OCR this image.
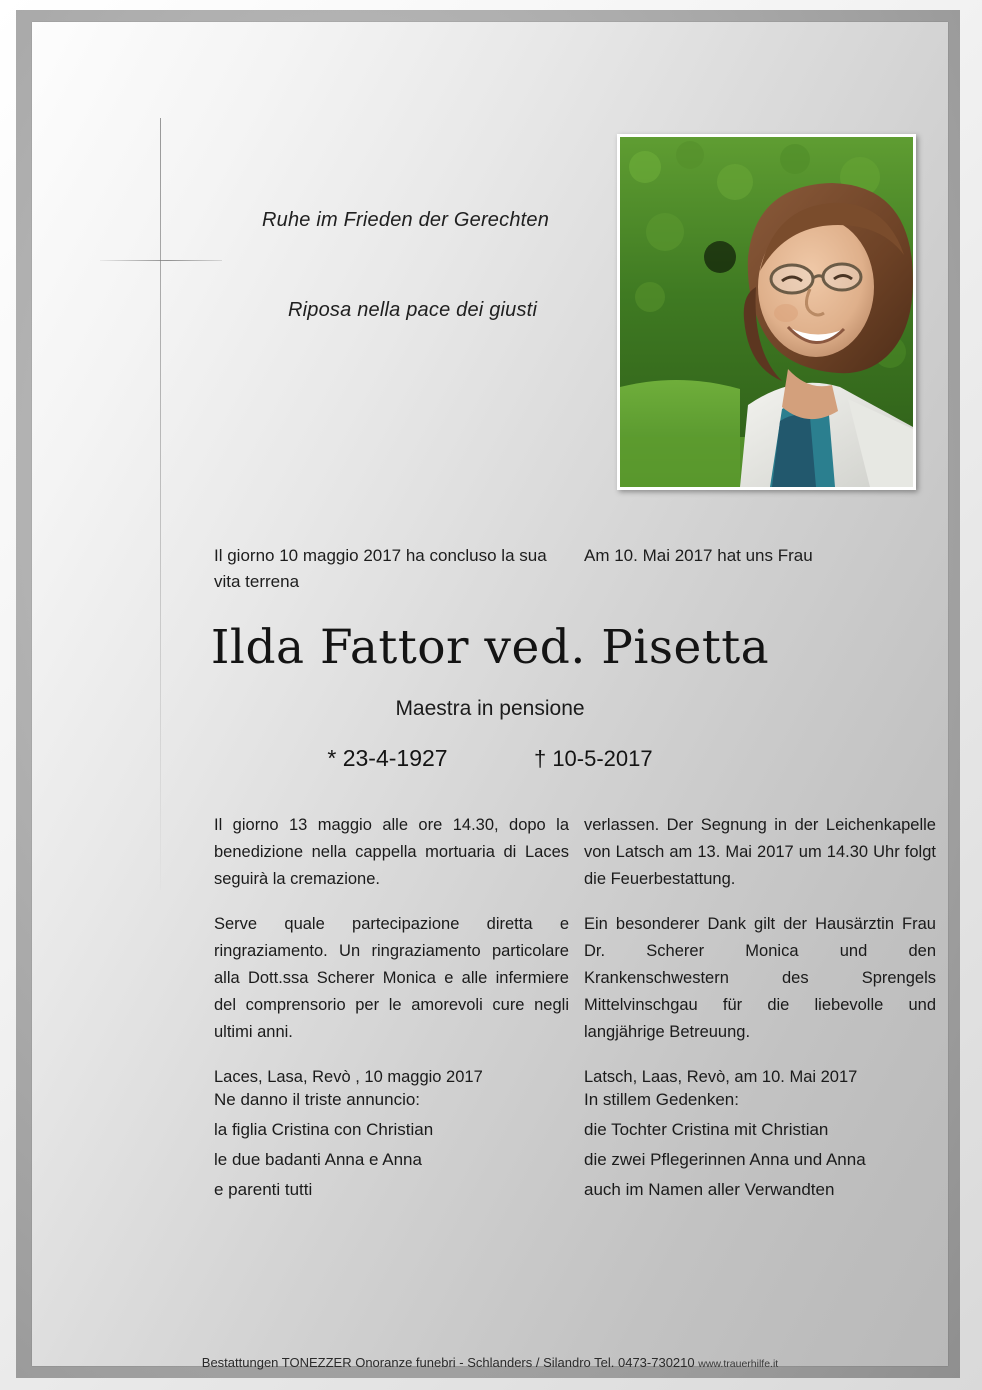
Ruhe im Frieden der Gerechten
Riposa nella pace dei giusti
Il giorno 10 maggio 2017 ha concluso la sua vita terrena
Am 10. Mai 2017 hat uns Frau
Ilda Fattor ved. Pisetta
Maestra in pensione
* 23-4-1927	† 10-5-2017

Il giorno 13 maggio alle ore 14.30, dopo la benedizione nella cappella mortuaria di Laces seguirà la cremazione.

Serve quale partecipazione diretta e ringraziamento. Un ringraziamento particolare alla Dott.ssa Scherer Monica e alle infermiere del comprensorio per le amorevoli cure negli ultimi anni.

Laces, Lasa, Revò , 10 maggio 2017

verlassen. Der Segnung in der Leichenkapelle von Latsch am 13. Mai 2017 um 14.30 Uhr folgt die Feuerbestattung.

Ein besonderer Dank gilt der Hausärztin Frau Dr. Scherer Monica und den Krankenschwestern des Sprengels Mittelvinschgau für die liebevolle und langjährige Betreuung.

Latsch, Laas, Revò, am 10. Mai 2017

Ne danno il triste annuncio:
la figlia Cristina con Christian
le due badanti Anna e Anna
e parenti tutti
In stillem Gedenken:
die Tochter Cristina mit Christian
die zwei Pflegerinnen Anna und Anna
auch im Namen aller Verwandten
Bestattungen TONEZZER Onoranze funebri - Schlanders / Silandro Tel. 0473-730210 www.trauerhilfe.it
